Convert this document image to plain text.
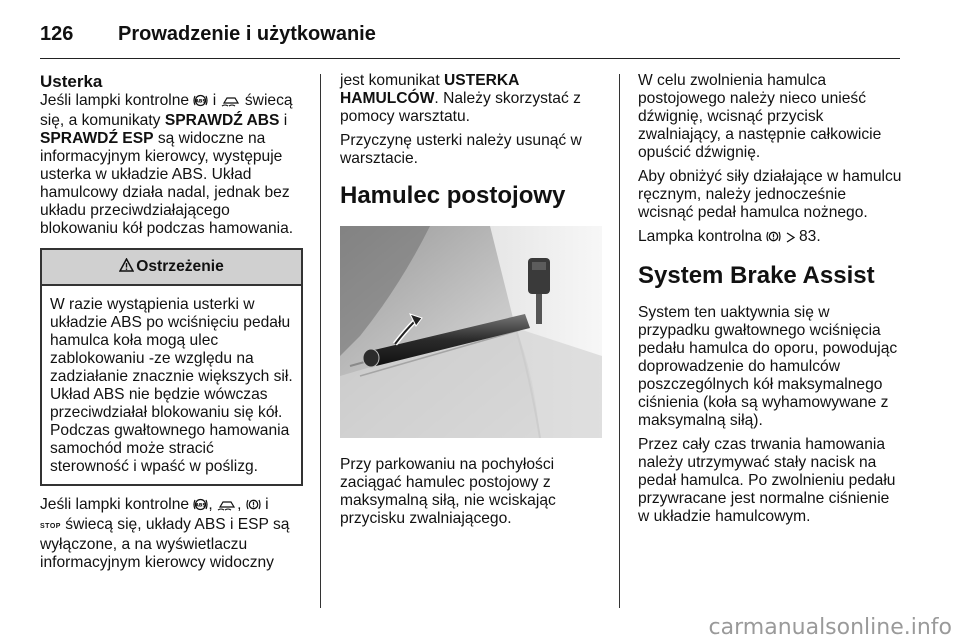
126	Prowadzenie i użytkowanie
Usterka

Jeśli lampki kontrolne ABS i  świecą się, a komunikaty SPRAWDŹ ABS i SPRAWDŹ ESP są widoczne na informacyjnym kierowcy, występuje usterka w układzie ABS. Układ hamulcowy działa nadal, jednak bez układu przeciwdziałającego blokowaniu kół podczas hamowania.

Ostrzeżenie
W razie wystąpienia usterki w układzie ABS po wciśnięciu pedału hamulca koła mogą ulec zablokowaniu -ze względu na zadziałanie znacznie większych sił. Układ ABS nie będzie wówczas przeciwdziałał blokowaniu się kół. Podczas gwałtownego hamowania samochód może stracić sterowność i wpaść w poślizg.

Jeśli lampki kontrolne ABS , ,  i
STOP świecą się, układy ABS i ESP są wyłączone, a na wyświetlaczu informacyjnym kierowcy widoczny

jest komunikat USTERKA HAMULCÓW. Należy skorzystać z pomocy warsztatu.

Przyczynę usterki należy usunąć w warsztacie.

Hamulec postojowy

Przy parkowaniu na pochyłości zaciągać hamulec postojowy z maksymalną siłą, nie wciskając przycisku zwalniającego.

W celu zwolnienia hamulca postojowego należy nieco unieść dźwignię, wcisnąć przycisk zwalniający, a następnie całkowicie opuścić dźwignię.

Aby obniżyć siły działające w hamulcu ręcznym, należy jednocześnie wcisnąć pedał hamulca nożnego.

Lampka kontrolna   83.

System Brake Assist

System ten uaktywnia się w przypadku gwałtownego wciśnięcia pedału hamulca do oporu, powodując doprowadzenie do hamulców poszczególnych kół maksymalnego ciśnienia (koła są wyhamowywane z maksymalną siłą).

Przez cały czas trwania hamowania należy utrzymywać stały nacisk na pedał hamulca. Po zwolnieniu pedału przywracane jest normalne ciśnienie w układzie hamulcowym.

carmanualsonline.info
